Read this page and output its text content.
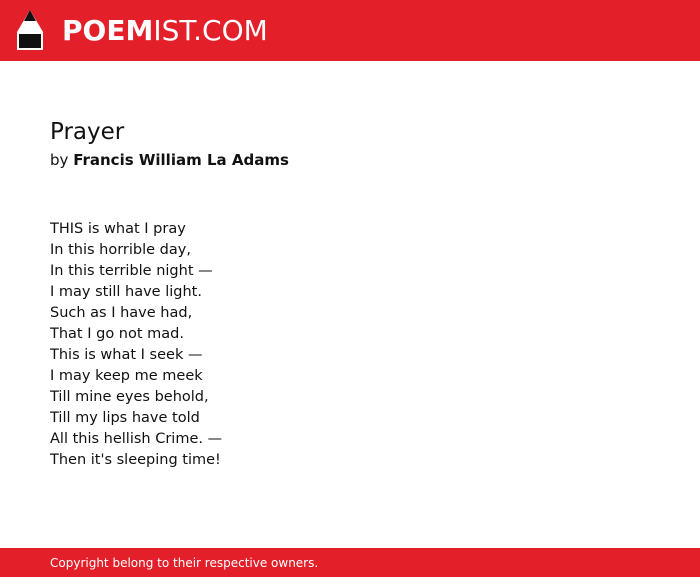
POEMIST.COM
Prayer
by Francis William La Adams
THIS is what I pray
In this horrible day,
In this terrible night —
I may still have light.
Such as I have had,
That I go not mad.
This is what I seek —
I may keep me meek
Till mine eyes behold,
Till my lips have told
All this hellish Crime. —
Then it's sleeping time!
Copyright belong to their respective owners.
